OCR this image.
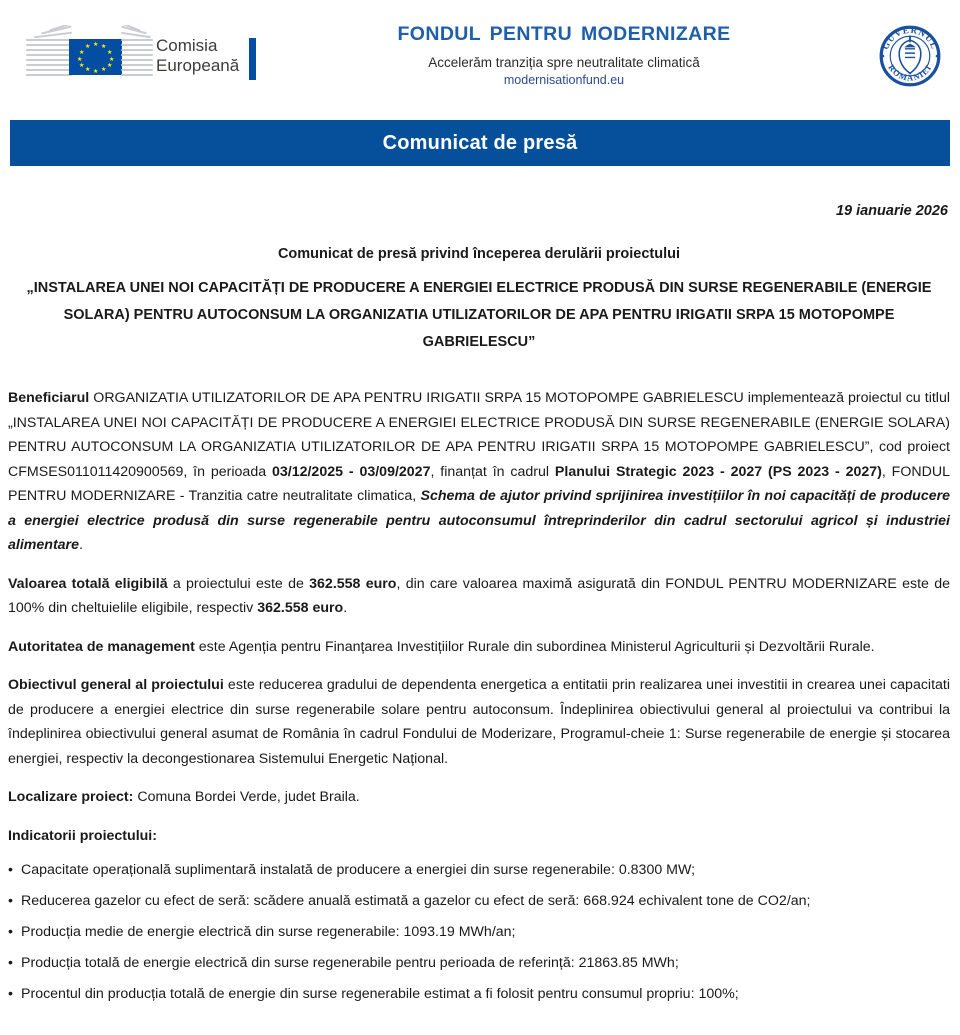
★ ★
★
★
★
★
★
★
★
★
★
★	Comisia
Europeană
FONDUL PENTRU MODERNIZARE
Accelerăm tranziția spre neutralitate climatică
modernisationfund.eu
GUVERNUL
ROMÂNIEI
Comunicat de presă
19 ianuarie 2026
Comunicat de presă privind începerea derulării proiectului
„INSTALAREA UNEI NOI CAPACITĂȚI DE PRODUCERE A ENERGIEI ELECTRICE PRODUSĂ DIN SURSE REGENERABILE (ENERGIE SOLARA) PENTRU AUTOCONSUM LA ORGANIZATIA UTILIZATORILOR DE APA PENTRU IRIGATII SRPA 15 MOTOPOMPE GABRIELESCU”

Beneficiarul ORGANIZATIA UTILIZATORILOR DE APA PENTRU IRIGATII SRPA 15 MOTOPOMPE GABRIELESCU implementează proiectul cu titlul „INSTALAREA UNEI NOI CAPACITĂȚI DE PRODUCERE A ENERGIEI ELECTRICE PRODUSĂ DIN SURSE REGENERABILE (ENERGIE SOLARA) PENTRU AUTOCONSUM LA ORGANIZATIA UTILIZATORILOR DE APA PENTRU IRIGATII SRPA 15 MOTOPOMPE GABRIELESCU”, cod proiect CFMSES011011420900569, în perioada 03/12/2025 - 03/09/2027, finanțat în cadrul Planului Strategic 2023 - 2027 (PS 2023 - 2027), FONDUL PENTRU MODERNIZARE - Tranzitia catre neutralitate climatica, Schema de ajutor privind sprijinirea investițiilor în noi capacități de producere a energiei electrice produsă din surse regenerabile pentru autoconsumul întreprinderilor din cadrul sectorului agricol și industriei alimentare.

Valoarea totală eligibilă a proiectului este de 362.558 euro, din care valoarea maximă asigurată din FONDUL PENTRU MODERNIZARE este de 100% din cheltuielile eligibile, respectiv 362.558 euro.

Autoritatea de management este Agenția pentru Finanțarea Investițiilor Rurale din subordinea Ministerul Agriculturii și Dezvoltării Rurale.

Obiectivul general al proiectului este reducerea gradului de dependenta energetica a entitatii prin realizarea unei investitii in crearea unei capacitati de producere a energiei electrice din surse regenerabile solare pentru autoconsum. Îndeplinirea obiectivului general al proiectului va contribui la îndeplinirea obiectivului general asumat de România în cadrul Fondului de Moderizare, Programul-cheie 1: Surse regenerabile de energie și stocarea energiei, respectiv la decongestionarea Sistemului Energetic Național.

Localizare proiect: Comuna Bordei Verde, judet Braila.

Indicatorii proiectului:
• Capacitate operațională suplimentară instalată de producere a energiei din surse regenerabile: 0.8300 MW;
• Reducerea gazelor cu efect de seră: scădere anuală estimată a gazelor cu efect de seră: 668.924 echivalent tone de CO2/an;
• Producția medie de energie electrică din surse regenerabile: 1093.19 MWh/an;
• Producția totală de energie electrică din surse regenerabile pentru perioada de referință: 21863.85 MWh;
• Procentul din producția totală de energie din surse regenerabile estimat a fi folosit pentru consumul propriu: 100%;
